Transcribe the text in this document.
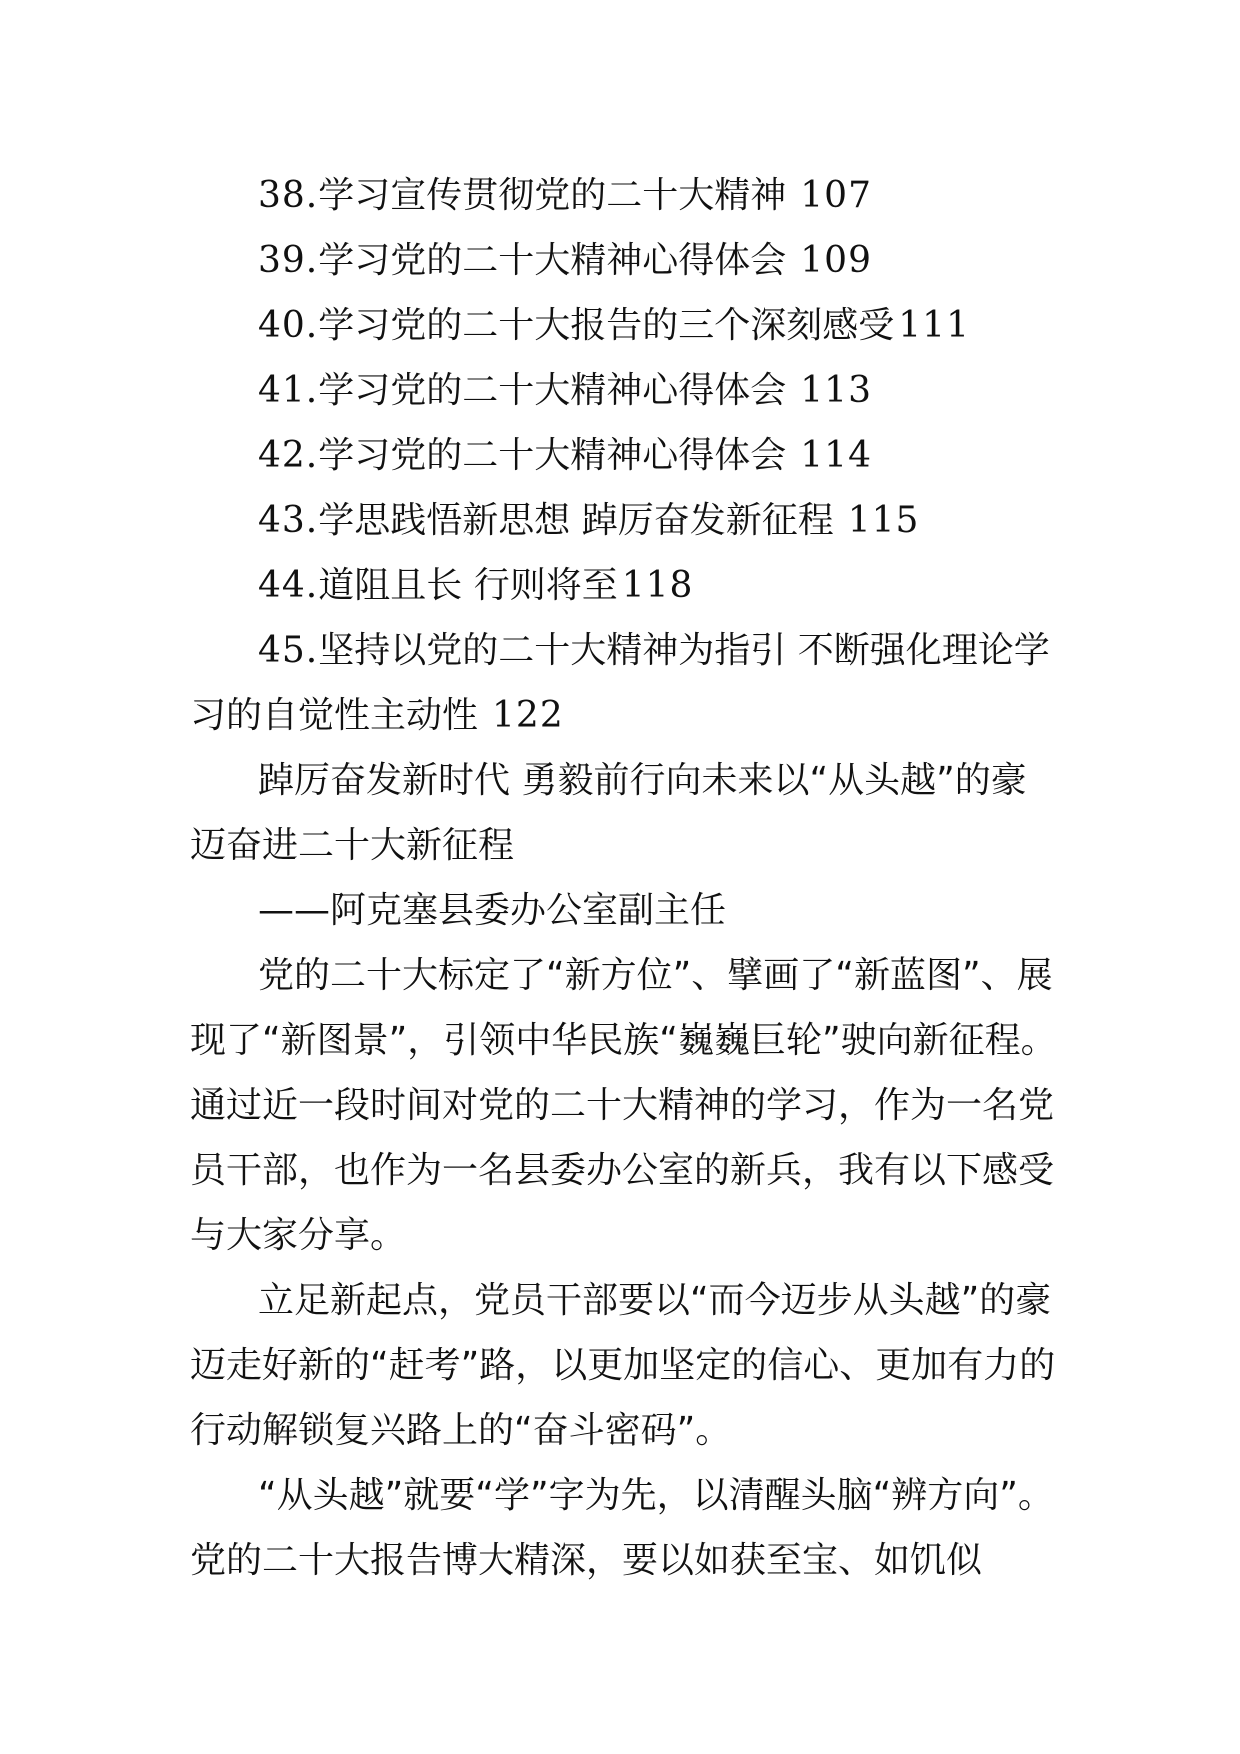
38.学习宣传贯彻党的二十大精神 107
39.学习党的二十大精神心得体会 109
40.学习党的二十大报告的三个深刻感受 111
41.学习党的二十大精神心得体会 113
42.学习党的二十大精神心得体会 114
43.学思践悟新思想 踔厉奋发新征程 115
44.道阻且长 行则将至 118
45.坚持以党的二十大精神为指引 不断强化理论学习的自觉性主动性 122
踔厉奋发新时代 勇毅前行向未来以“从头越”的豪迈奋进二十大新征程
——阿克塞县委办公室副主任
党的二十大标定了“新方位”、擘画了“新蓝图”、展现了“新图景”，引领中华民族“巍巍巨轮”驶向新征程。通过近一段时间对党的二十大精神的学习，作为一名党员干部，也作为一名县委办公室的新兵，我有以下感受与大家分享。
立足新起点，党员干部要以“而今迈步从头越”的豪迈走好新的“赶考”路，以更加坚定的信心、更加有力的行动解锁复兴路上的“奋斗密码”。
“从头越”就要“学”字为先，以清醒头脑“辨方向”。党的二十大报告博大精深，要以如获至宝、如饥似
